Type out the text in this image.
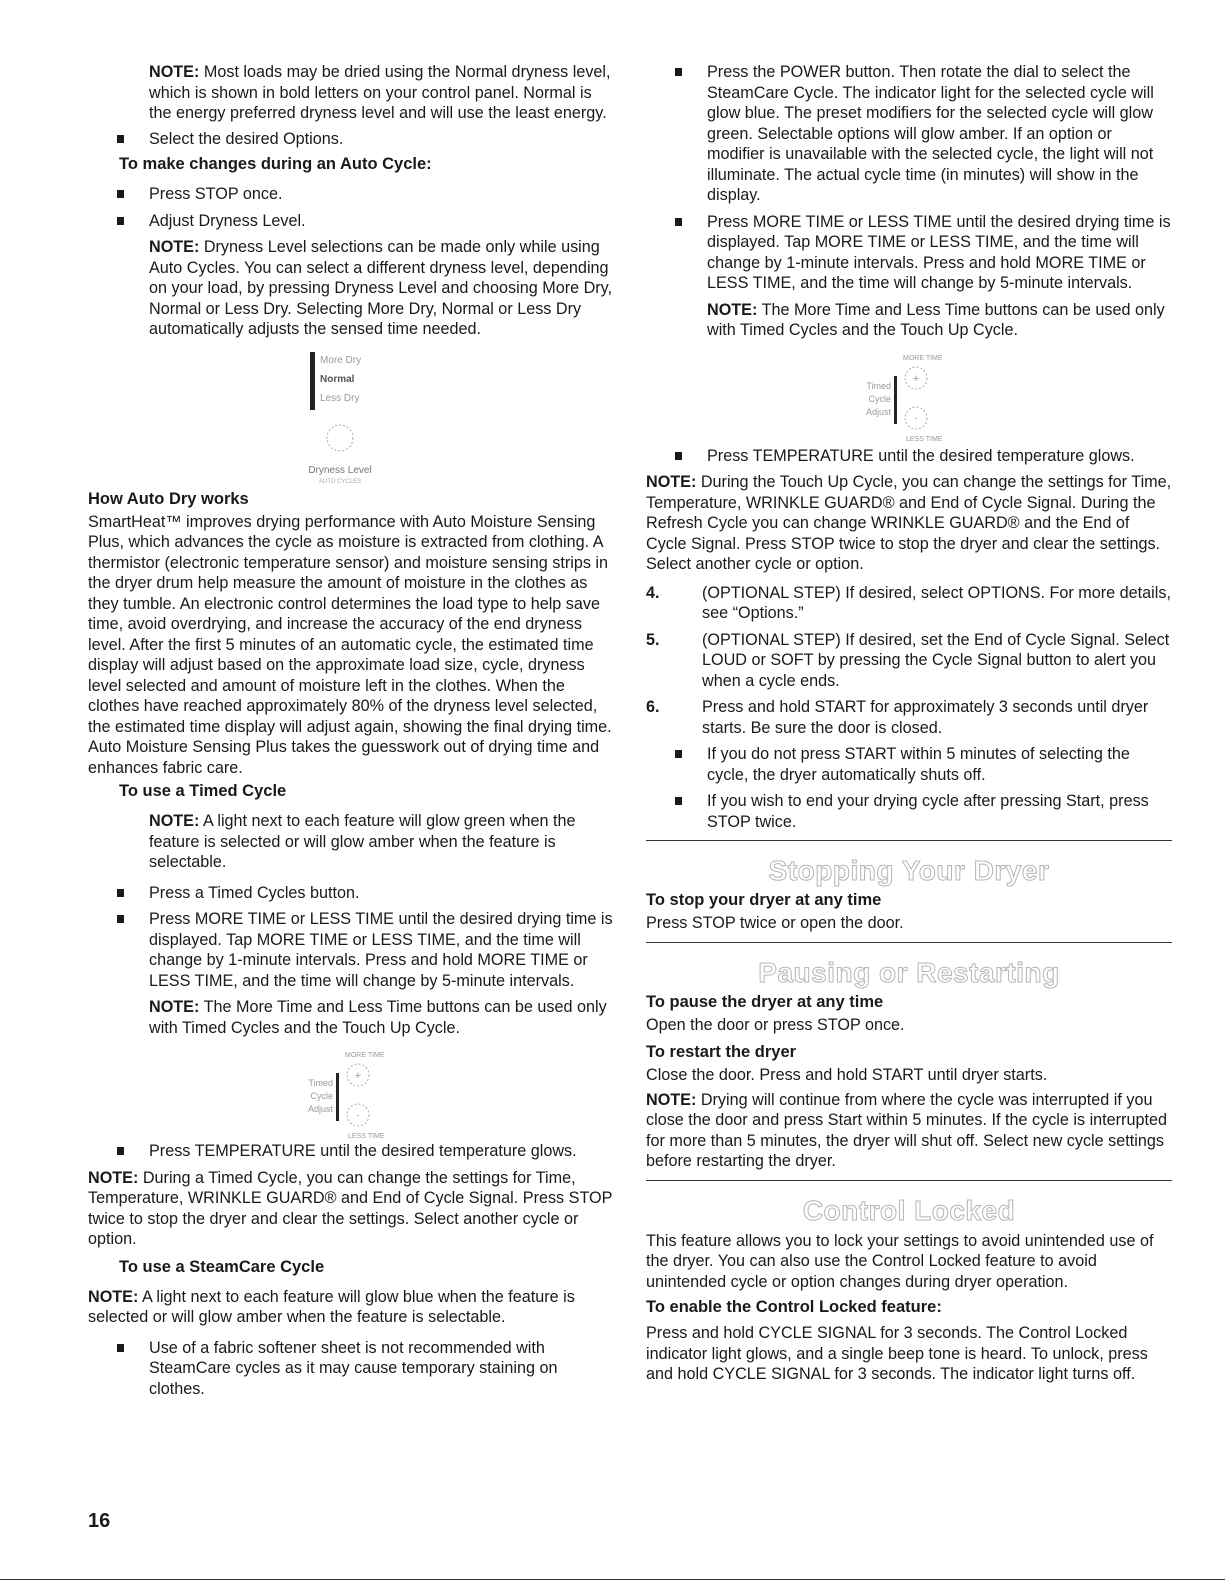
NOTE: Most loads may be dried using the Normal dryness level, which is shown in bold letters on your control panel. Normal is the energy preferred dryness level and will use the least energy.

Select the desired Options.
To make changes during an Auto Cycle:
Press STOP once.
Adjust Dryness Level.

NOTE: Dryness Level selections can be made only while using Auto Cycles. You can select a different dryness level, depending on your load, by pressing Dryness Level and choosing More Dry, Normal or Less Dry. Selecting More Dry, Normal or Less Dry automatically adjusts the sensed time needed.

More Dry
Normal
Less Dry
Dryness Level
AUTO CYCLES
How Auto Dry works

SmartHeat™ improves drying performance with Auto Moisture Sensing Plus, which advances the cycle as moisture is extracted from clothing. A thermistor (electronic temperature sensor) and moisture sensing strips in the dryer drum help measure the amount of moisture in the clothes as they tumble. An electronic control determines the load type to help save time, avoid overdrying, and increase the accuracy of the end dryness level. After the first 5 minutes of an automatic cycle, the estimated time display will adjust based on the approximate load size, cycle, dryness level selected and amount of moisture left in the clothes. When the clothes have reached approximately 80% of the dryness level selected, the estimated time display will adjust again, showing the final drying time. Auto Moisture Sensing Plus takes the guesswork out of drying time and enhances fabric care.

To use a Timed Cycle

NOTE: A light next to each feature will glow green when the feature is selected or will glow amber when the feature is selectable.

Press a Timed Cycles button.
Press MORE TIME or LESS TIME until the desired drying time is displayed. Tap MORE TIME or LESS TIME, and the time will change by 1-minute intervals. Press and hold MORE TIME or LESS TIME, and the time will change by 5-minute intervals.

NOTE: The More Time and Less Time buttons can be used only with Timed Cycles and the Touch Up Cycle.

MORE TIME
+
Timed
Cycle
Adjust
-
LESS TIME
Press TEMPERATURE until the desired temperature glows.

NOTE: During a Timed Cycle, you can change the settings for Time, Temperature, WRINKLE GUARD® and End of Cycle Signal. Press STOP twice to stop the dryer and clear the settings. Select another cycle or option.

To use a SteamCare Cycle

NOTE: A light next to each feature will glow blue when the feature is selected or will glow amber when the feature is selectable.

Use of a fabric softener sheet is not recommended with SteamCare cycles as it may cause temporary staining on clothes.
Press the POWER button. Then rotate the dial to select the SteamCare Cycle. The indicator light for the selected cycle will glow blue. The preset modifiers for the selected cycle will glow green. Selectable options will glow amber. If an option or modifier is unavailable with the selected cycle, the light will not illuminate. The actual cycle time (in minutes) will show in the display.
Press MORE TIME or LESS TIME until the desired drying time is displayed. Tap MORE TIME or LESS TIME, and the time will change by 1-minute intervals. Press and hold MORE TIME or LESS TIME, and the time will change by 5-minute intervals.

NOTE: The More Time and Less Time buttons can be used only with Timed Cycles and the Touch Up Cycle.

MORE TIME
+
Timed
Cycle
Adjust
-
LESS TIME
Press TEMPERATURE until the desired temperature glows.

NOTE: During the Touch Up Cycle, you can change the settings for Time, Temperature, WRINKLE GUARD® and End of Cycle Signal. During the Refresh Cycle you can change WRINKLE GUARD® and the End of Cycle Signal. Press STOP twice to stop the dryer and clear the settings. Select another cycle or option.

4.	(OPTIONAL STEP) If desired, select OPTIONS. For more details, see “Options.”
5.	(OPTIONAL STEP) If desired, set the End of Cycle Signal. Select LOUD or SOFT by pressing the Cycle Signal button to alert you when a cycle ends.
6.	Press and hold START for approximately 3 seconds until dryer starts. Be sure the door is closed.
If you do not press START within 5 minutes of selecting the cycle, the dryer automatically shuts off.
If you wish to end your drying cycle after pressing Start, press STOP twice.
Stopping Your Dryer
To stop your dryer at any time

Press STOP twice or open the door.

Pausing or Restarting
To pause the dryer at any time

Open the door or press STOP once.

To restart the dryer

Close the door. Press and hold START until dryer starts.

NOTE: Drying will continue from where the cycle was interrupted if you close the door and press Start within 5 minutes. If the cycle is interrupted for more than 5 minutes, the dryer will shut off. Select new cycle settings before restarting the dryer.

Control Locked

This feature allows you to lock your settings to avoid unintended use of the dryer. You can also use the Control Locked feature to avoid unintended cycle or option changes during dryer operation.

To enable the Control Locked feature:

Press and hold CYCLE SIGNAL for 3 seconds. The Control Locked indicator light glows, and a single beep tone is heard. To unlock, press and hold CYCLE SIGNAL for 3 seconds. The indicator light turns off.

16
